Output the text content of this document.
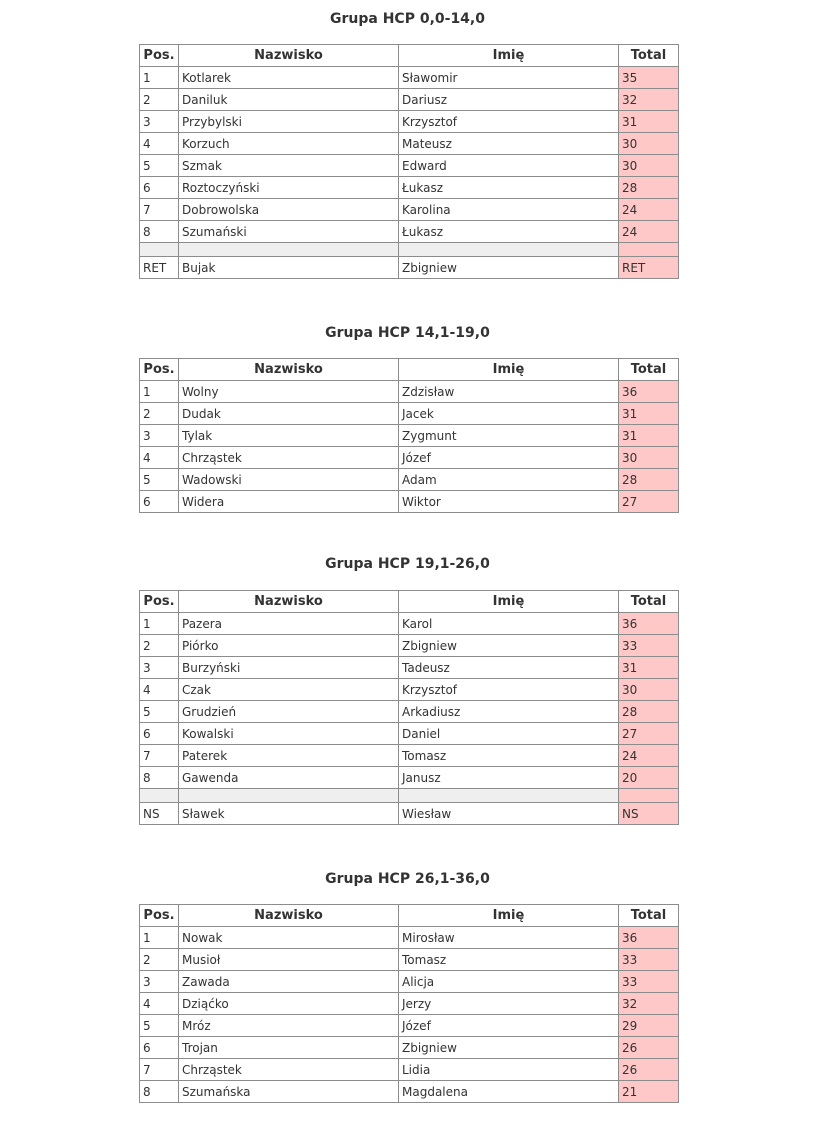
Grupa HCP 0,0-14,0
Pos.	Nazwisko	Imię	Total
1	Kotlarek	Sławomir	35
2	Daniluk	Dariusz	32
3	Przybylski	Krzysztof	31
4	Korzuch	Mateusz	30
5	Szmak	Edward	30
6	Roztoczyński	Łukasz	28
7	Dobrowolska	Karolina	24
8	Szumański	Łukasz	24

RET	Bujak	Zbigniew	RET
Grupa HCP 14,1-19,0
Pos.	Nazwisko	Imię	Total
1	Wolny	Zdzisław	36
2	Dudak	Jacek	31
3	Tylak	Zygmunt	31
4	Chrząstek	Józef	30
5	Wadowski	Adam	28
6	Widera	Wiktor	27
Grupa HCP 19,1-26,0
Pos.	Nazwisko	Imię	Total
1	Pazera	Karol	36
2	Piórko	Zbigniew	33
3	Burzyński	Tadeusz	31
4	Czak	Krzysztof	30
5	Grudzień	Arkadiusz	28
6	Kowalski	Daniel	27
7	Paterek	Tomasz	24
8	Gawenda	Janusz	20

NS	Sławek	Wiesław	NS
Grupa HCP 26,1-36,0
Pos.	Nazwisko	Imię	Total
1	Nowak	Mirosław	36
2	Musioł	Tomasz	33
3	Zawada	Alicja	33
4	Dziąćko	Jerzy	32
5	Mróz	Józef	29
6	Trojan	Zbigniew	26
7	Chrząstek	Lidia	26
8	Szumańska	Magdalena	21
